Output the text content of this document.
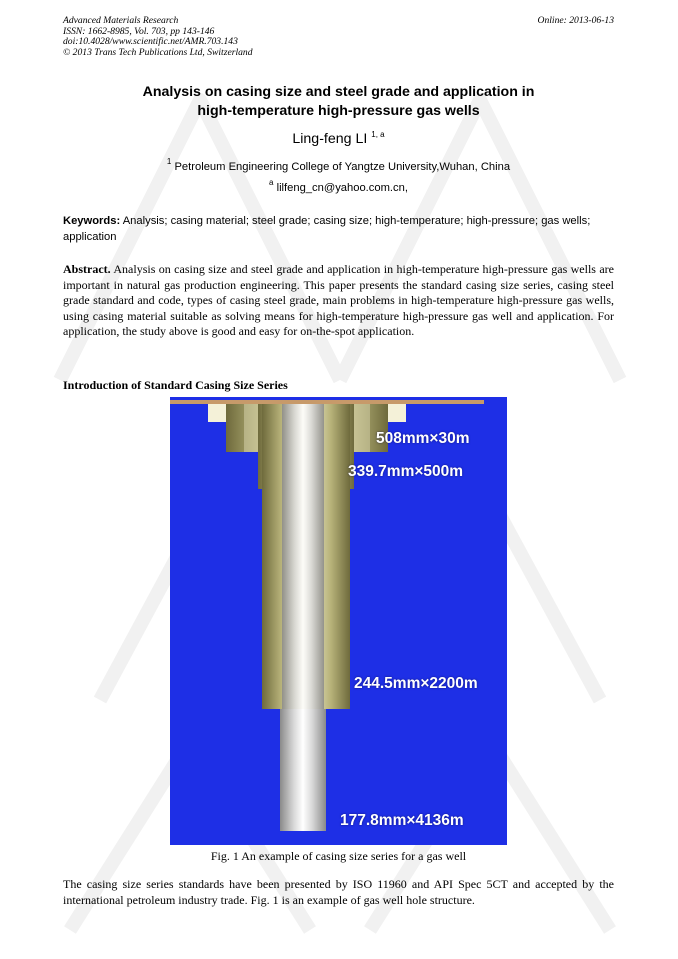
Advanced Materials Research
ISSN: 1662-8985, Vol. 703, pp 143-146
doi:10.4028/www.scientific.net/AMR.703.143
© 2013 Trans Tech Publications Ltd, Switzerland
Online: 2013-06-13
Analysis on casing size and steel grade and application in
high-temperature high-pressure gas wells
Ling-feng LI $^{1, a}$
$^1$ Petroleum Engineering College of Yangtze University,Wuhan, China
$^a$ lilfeng_cn@yahoo.com.cn,
Keywords: Analysis; casing material; steel grade; casing size; high-temperature; high-pressure; gas wells; application
Abstract. Analysis on casing size and steel grade and application in high-temperature high-pressure gas wells are important in natural gas production engineering. This paper presents the standard casing size series, casing steel grade standard and code, types of casing steel grade, main problems in high-temperature high-pressure gas wells, using casing material suitable as solving means for high-temperature high-pressure gas well and application. For application, the study above is good and easy for on-the-spot application.
Introduction of Standard Casing Size Series
508mm×30m
339.7mm×500m
244.5mm×2200m
177.8mm×4136m
Fig. 1 An example of casing size series for a gas well
The casing size series standards have been presented by ISO 11960 and API Spec 5CT and accepted by the international petroleum industry trade. Fig. 1 is an example of gas well hole structure.
